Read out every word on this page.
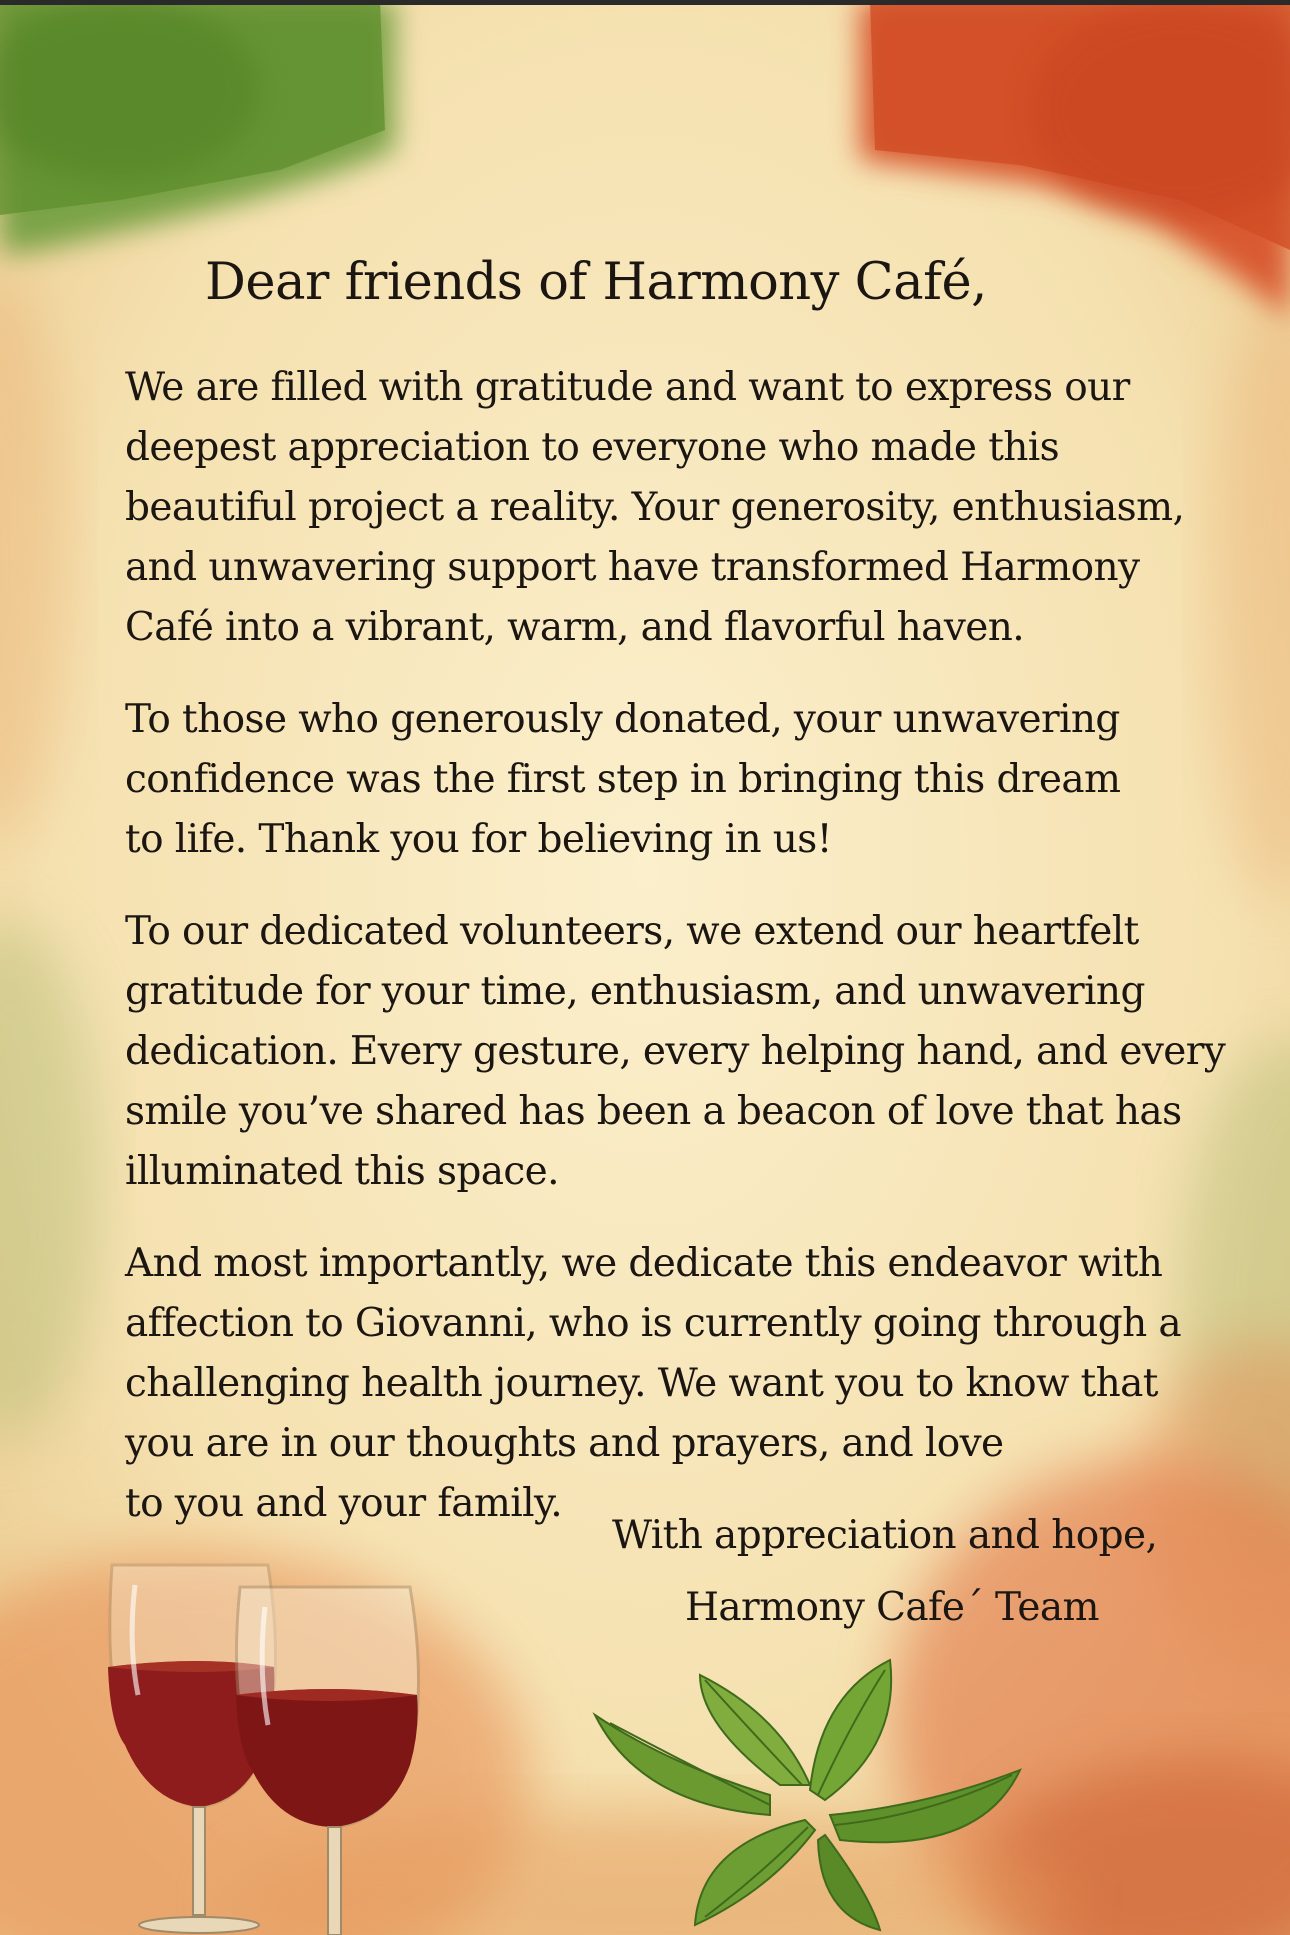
Dear friends of Harmony Café,
We are filled with gratitude and want to express our
deepest appreciation to everyone who made this
beautiful project a reality. Your generosity, enthusiasm,
and unwavering support have transformed Harmony
Café into a vibrant, warm, and flavorful haven.
To those who generously donated, your unwavering
confidence was the first step in bringing this dream
to life. Thank you for believing in us!
To our dedicated volunteers, we extend our heartfelt
gratitude for your time, enthusiasm, and unwavering
dedication. Every gesture, every helping hand, and every
smile you’ve shared has been a beacon of love that has
illuminated this space.
And most importantly, we dedicate this endeavor with
affection to Giovanni, who is currently going through a
challenging health journey. We want you to know that
you are in our thoughts and prayers, and love
to you and your family.
With appreciation and hope,
Harmony Cafe´ Team
